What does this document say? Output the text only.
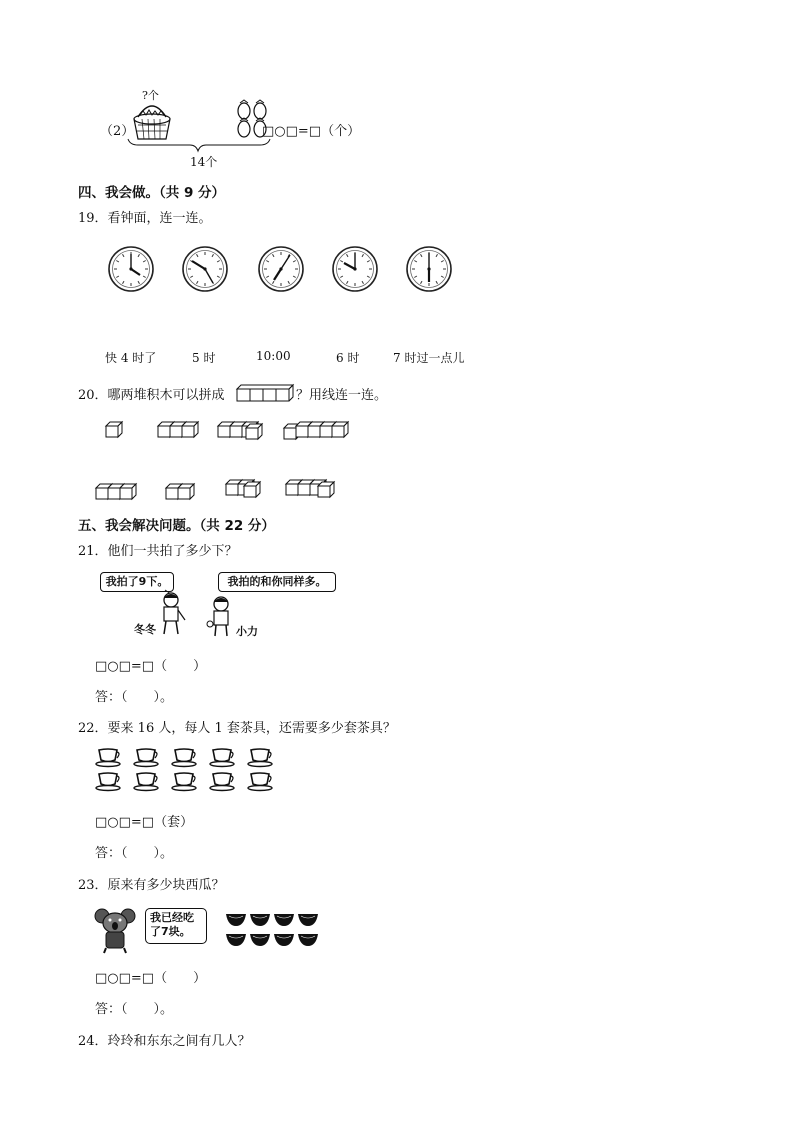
（2）
?个
□○□=□（个）
14个
四、我会做。（共 9 分）
19．看钟面，连一连。
快 4 时了	5 时	10:00	6 时	7 时过一点儿
20．哪两堆积木可以拼成	？用线连一连。
五、我会解决问题。（共 22 分）
21．他们一共拍了多少下？
我拍了9下。	我拍的和你同样多。
冬冬	小力
□○□=□（　　）
答：（　　）。
22．要来 16 人，每人 1 套茶具，还需要多少套茶具？
□○□=□（套）
答：（　　）。
23．原来有多少块西瓜？
我已经吃了7块。
□○□=□（　　）
答：（　　）。
24．玲玲和东东之间有几人？
